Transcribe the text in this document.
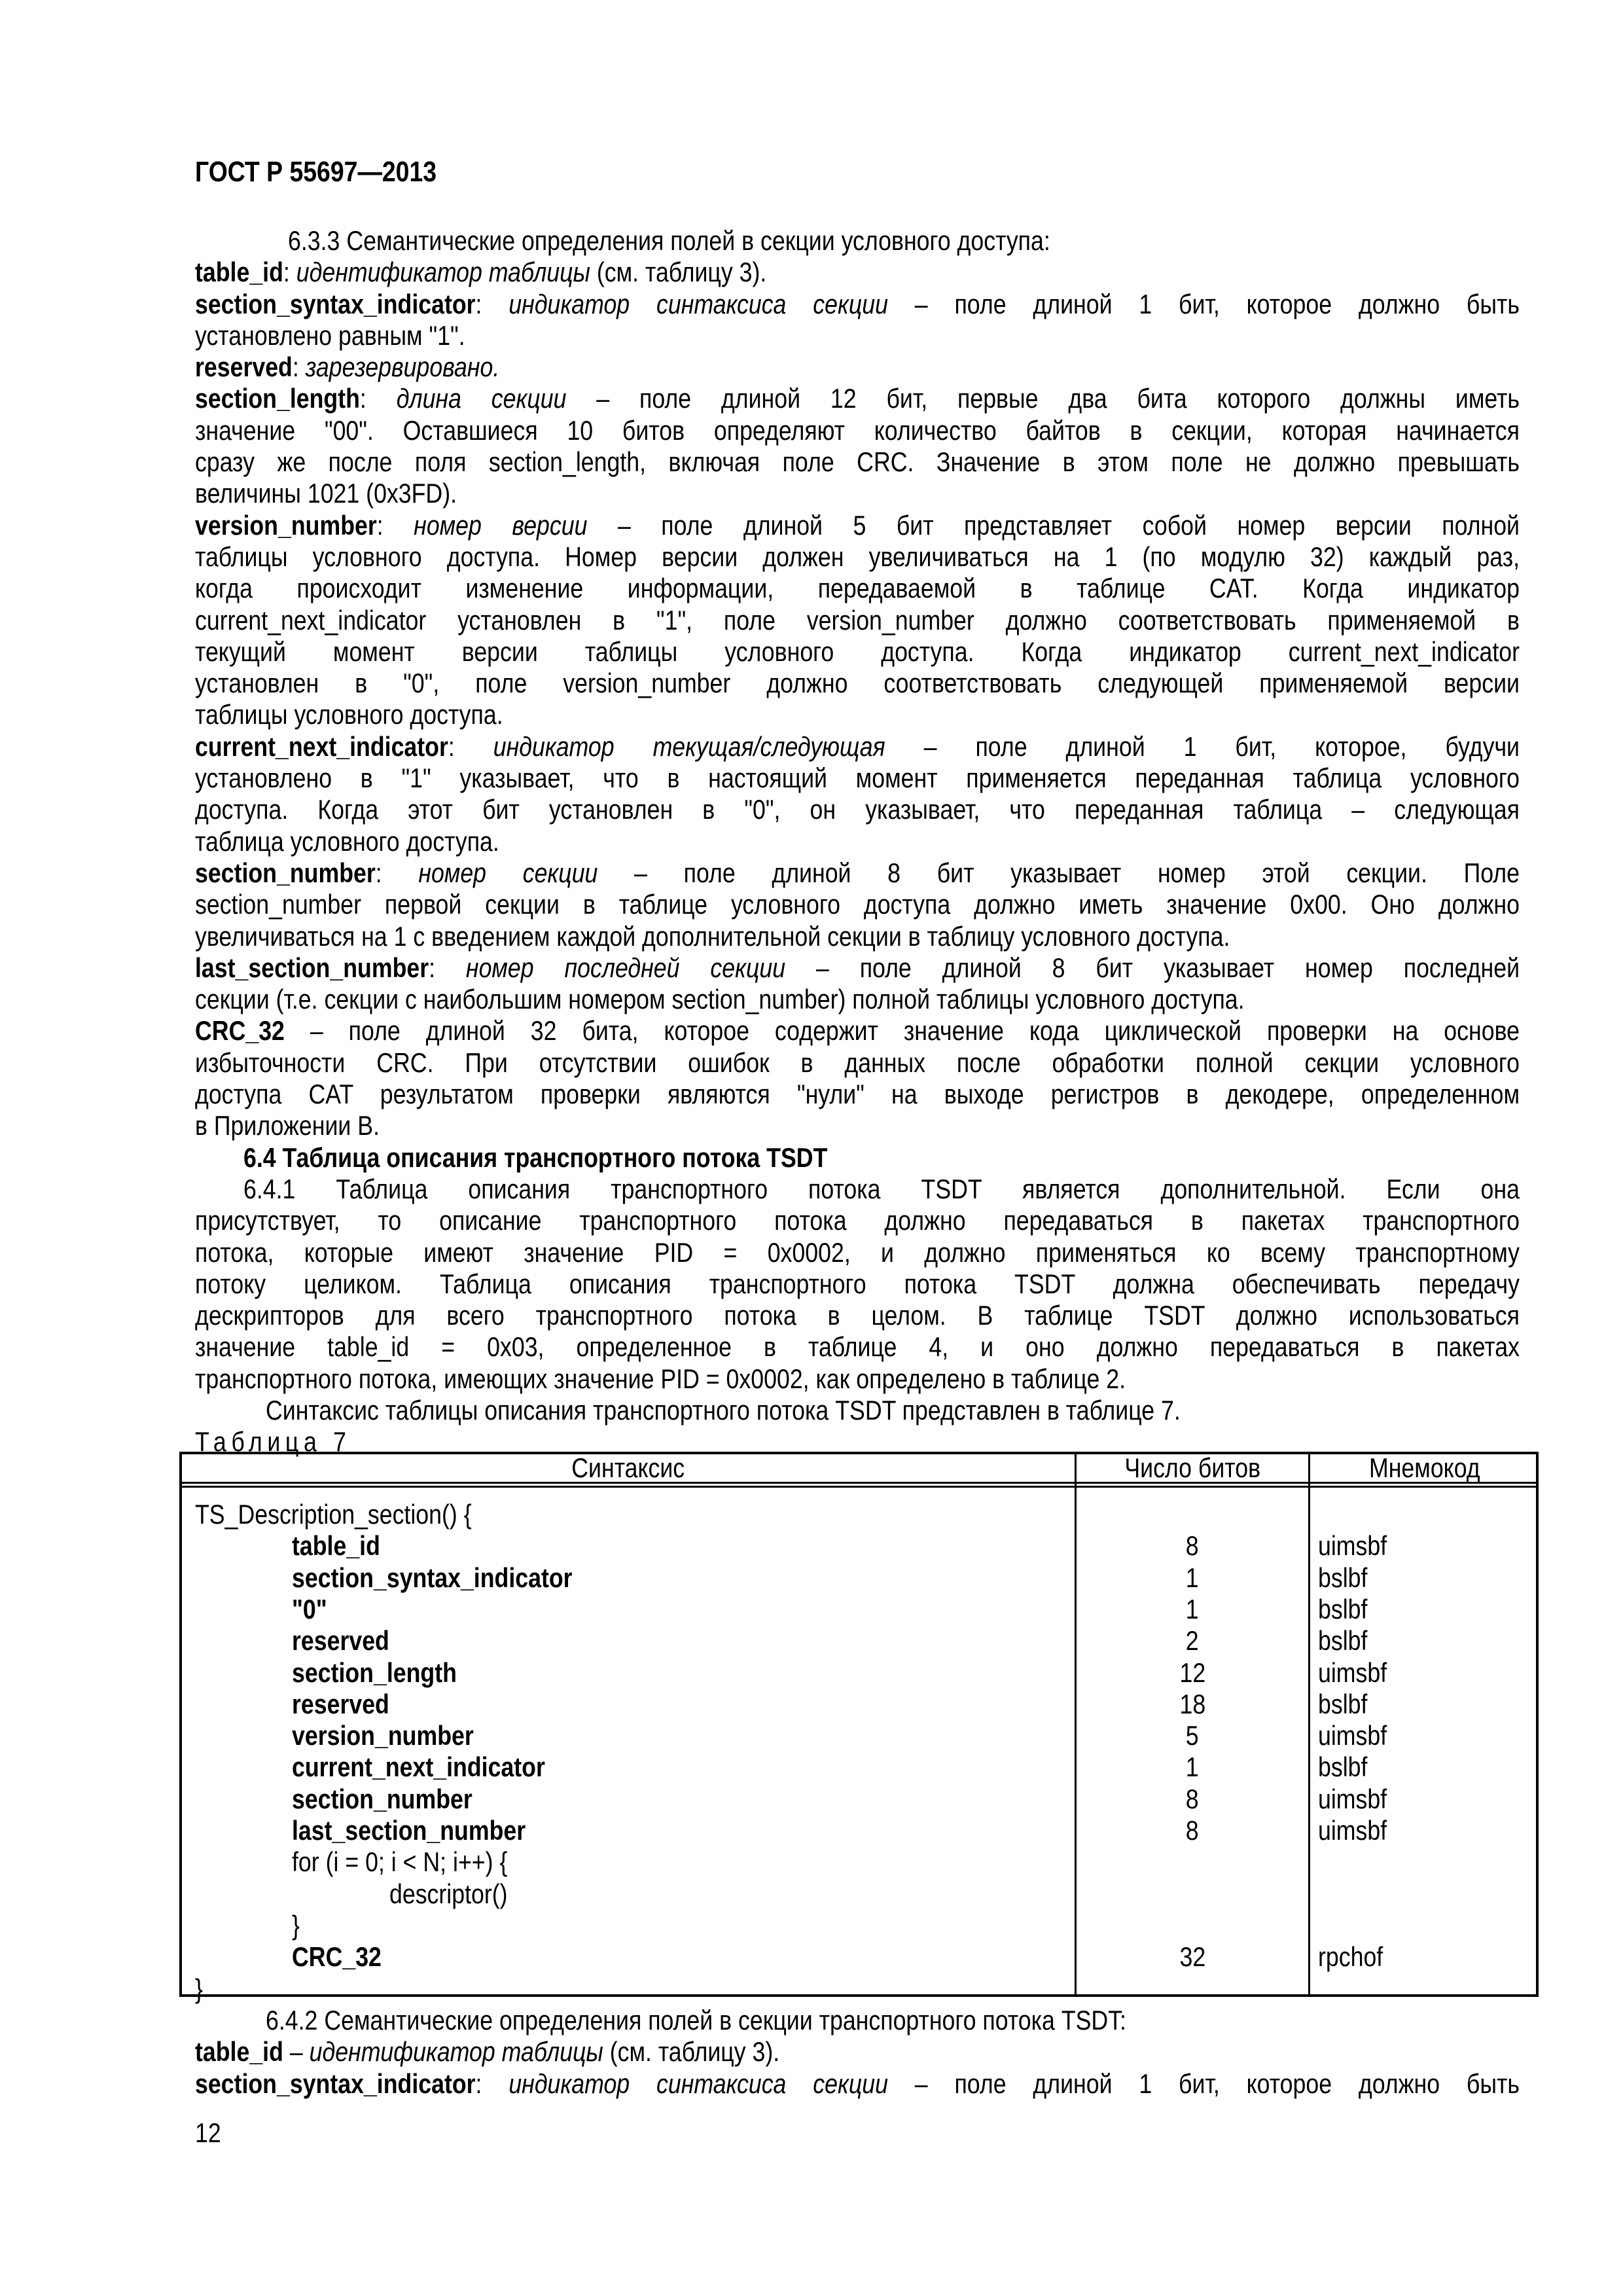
ГОСТ Р 55697—2013
6.3.3 Семантические определения полей в секции условного доступа:
table_id: идентификатор таблицы (см. таблицу 3).
section_syntax_indicator: индикатор синтаксиса секции – поле длиной 1 бит, которое должно быть
установлено равным "1".
reserved: зарезервировано.
section_length: длина секции – поле длиной 12 бит, первые два бита которого должны иметь
значение "00". Оставшиеся 10 битов определяют количество байтов в секции, которая начинается
сразу же после поля section_length, включая поле CRC. Значение в этом поле не должно превышать
величины 1021 (0x3FD).
version_number: номер версии – поле длиной 5 бит представляет собой номер версии полной
таблицы условного доступа. Номер версии должен увеличиваться на 1 (по модулю 32) каждый раз,
когда происходит изменение информации, передаваемой в таблице CAT. Когда индикатор
current_next_indicator установлен в "1", поле version_number должно соответствовать применяемой в
текущий момент версии таблицы условного доступа. Когда индикатор current_next_indicator
установлен в "0", поле version_number должно соответствовать следующей применяемой версии
таблицы условного доступа.
current_next_indicator: индикатор текущая/следующая – поле длиной 1 бит, которое, будучи
установлено в "1" указывает, что в настоящий момент применяется переданная таблица условного
доступа. Когда этот бит установлен в "0", он указывает, что переданная таблица – следующая
таблица условного доступа.
section_number: номер секции – поле длиной 8 бит указывает номер этой секции. Поле
section_number первой секции в таблице условного доступа должно иметь значение 0x00. Оно должно
увеличиваться на 1 с введением каждой дополнительной секции в таблицу условного доступа.
last_section_number: номер последней секции – поле длиной 8 бит указывает номер последней
секции (т.е. секции с наибольшим номером section_number) полной таблицы условного доступа.
CRC_32 – поле длиной 32 бита, которое содержит значение кода циклической проверки на основе
избыточности CRC. При отсутствии ошибок в данных после обработки полной секции условного
доступа CAT результатом проверки являются "нули" на выходе регистров в декодере, определенном
в Приложении В.
6.4 Таблица описания транспортного потока TSDT
6.4.1 Таблица описания транспортного потока TSDT является дополнительной. Если она
присутствует, то описание транспортного потока должно передаваться в пакетах транспортного
потока, которые имеют значение PID = 0x0002, и должно применяться ко всему транспортному
потоку целиком. Таблица описания транспортного потока TSDT должна обеспечивать передачу
дескрипторов для всего транспортного потока в целом. В таблице TSDT должно использоваться
значение table_id = 0x03, определенное в таблице 4, и оно должно передаваться в пакетах
транспортного потока, имеющих значение PID = 0x0002, как определено в таблице 2.
Синтаксис таблицы описания транспортного потока TSDT представлен в таблице 7.
Таблица 7
Синтаксис	Число битов	Мнемокод
TS_Description_section() {
table_id	8	uimsbf
section_syntax_indicator	1	bslbf
"0"	1	bslbf
reserved	2	bslbf
section_length	12	uimsbf
reserved	18	bslbf
version_number	5	uimsbf
current_next_indicator	1	bslbf
section_number	8	uimsbf
last_section_number	8	uimsbf
for (i = 0; i < N; i++) {
descriptor()
}
CRC_32	32	rpchof
}
6.4.2 Семантические определения полей в секции транспортного потока TSDT:
table_id – идентификатор таблицы (см. таблицу 3).
section_syntax_indicator: индикатор синтаксиса секции – поле длиной 1 бит, которое должно быть
12
